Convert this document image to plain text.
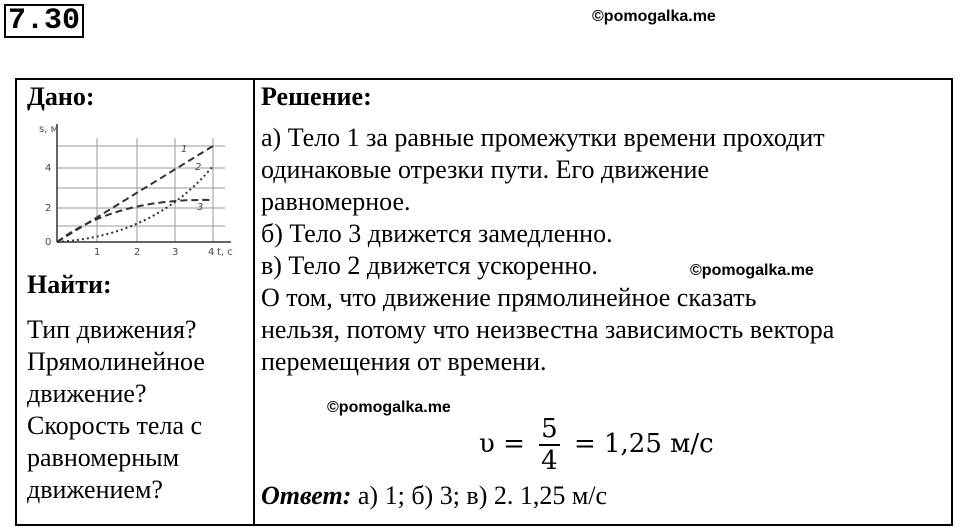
7.30	©pomogalka.me
Дано:
s, м
0
2
4
1	2	3	4 t, с
1
2
3
Найти:
Тип движения?
Прямолинейное
движение?
Скорость тела с
равномерным
движением?
Решение:
а) Тело 1 за равные промежутки времени проходит
одинаковые отрезки пути. Его движение
равномерное.
б) Тело 3 движется замедленно.
в) Тело 2 движется ускоренно.
О том, что движение прямолинейное сказать
нельзя, потому что неизвестна зависимость вектора
перемещения от времени.
$\upsilon = \frac{5}{4} = 1,25$ м/с
Ответ: а) 1; б) 3; в) 2. 1,25 м/с
©pomogalka.me
©pomogalka.me
